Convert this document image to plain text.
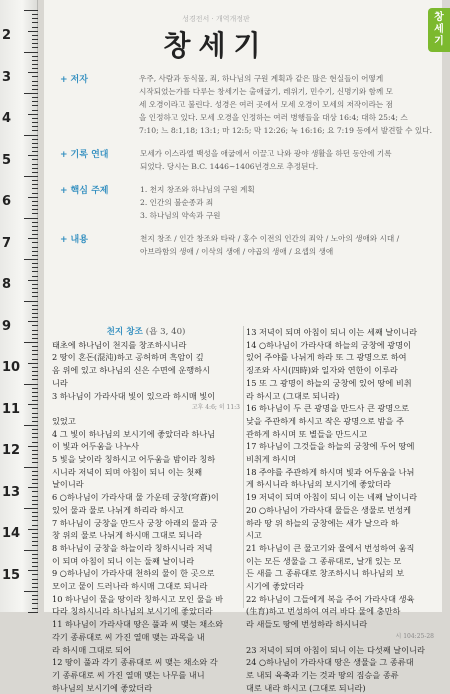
2
3
4
5
6
7
8
9
10
11
12
13
14
15
창세기
성경전서 · 개역개정판
창세기
+ 저자	우주, 사람과 동식물, 죄, 하나님의 구원 계획과 같은 많은 현실들이 어떻게
시작되었는가를 다루는 창세기는 출애굽기, 레위기, 민수기, 신명기와 함께 모
세 오경이라고 불린다. 성경은 여러 곳에서 모세 오경이 모세의 저작이라는 점
을 인정하고 있다. 모세 오경을 인정하는 여러 병행들을 대상 16:4; 대하 25:4; 스
7:10; 느 8:1,18; 13:1; 마 12:5; 막 12:26; 눅 16:16; 요 7:19 등에서 발견할 수 있다.
+ 기록 연대	모세가 이스라엘 백성을 애굽에서 이끌고 나와 광야 생활을 하던 동안에 기록
되었다. 당시는 B.C. 1446~1406년경으로 추정된다.
+ 핵심 주제	1. 천지 창조와 하나님의 구원 계획
2. 인간의 불순종과 죄
3. 하나님의 약속과 구원
+ 내용	천지 창조 / 인간 창조와 타락 / 홍수 이전의 인간의 죄악 / 노아의 생애와 시대 /
아브라함의 생애 / 이삭의 생애 / 야곱의 생애 / 요셉의 생애
천지 창조 (욥 3, 40)
태초에 하나님이 천지를 창조하시니라
2 땅이 혼돈(混沌)하고 공허하며 흑암이 깊
음 위에 있고 하나님의 신은 수면에 운행하시
니라
3 하나님이 가라사대 빛이 있으라 하시매 빛이
고후 4:6; 히 11:3
있었고
4 그 빛이 하나님의 보시기에 좋았더라 하나님
이 빛과 어두움을 나누사
5 빛을 낮이라 칭하시고 어두움을 밤이라 칭하
시니라 저녁이 되며 아침이 되니 이는 첫째
날이니라
6 ○하나님이 가라사대 물 가운데 궁창(穹蒼)이
있어 물과 물로 나뉘게 하리라 하시고
7 하나님이 궁창을 만드사 궁창 아래의 물과 궁
창 위의 물로 나뉘게 하시매 그대로 되니라
8 하나님이 궁창을 하늘이라 칭하시니라 저녁
이 되며 아침이 되니 이는 둘째 날이니라
9 ○하나님이 가라사대 천하의 물이 한 곳으로
모이고 뭍이 드러나라 하시매 그대로 되니라
10 하나님이 뭍을 땅이라 칭하시고 모인 물을 바
다라 칭하시니라 하나님의 보시기에 좋았더라
11 하나님이 가라사대 땅은 풀과 씨 맺는 채소와
각기 종류대로 씨 가진 열매 맺는 과목을 내
라 하시매 그대로 되어
12 땅이 풀과 각기 종류대로 씨 맺는 채소와 각
기 종류대로 씨 가진 열매 맺는 나무를 내니
하나님의 보시기에 좋았더라
13 저녁이 되며 아침이 되니 이는 세째 날이니라
14 ○하나님이 가라사대 하늘의 궁창에 광명이
있어 주야를 나뉘게 하라 또 그 광명으로 하여
징조와 사시(四時)와 일자와 연한이 이루라
15 또 그 광명이 하늘의 궁창에 있어 땅에 비취
라 하시고 (그대로 되니라)
16 하나님이 두 큰 광명을 만드사 큰 광명으로
낮을 주관하게 하시고 작은 광명으로 밤을 주
관하게 하시며 또 별들을 만드시고
17 하나님이 그것들을 하늘의 궁창에 두어 땅에
비취게 하시며
18 주야를 주관하게 하시며 빛과 어두움을 나뉘
게 하시니라 하나님의 보시기에 좋았더라
19 저녁이 되며 아침이 되니 이는 네째 날이니라
20 ○하나님이 가라사대 물들은 생물로 번성케
하라 땅 위 하늘의 궁창에는 새가 날으라 하
시고
21 하나님이 큰 물고기와 물에서 번성하여 움직
이는 모든 생물을 그 종류대로, 날개 있는 모
든 새를 그 종류대로 창조하시니 하나님의 보
시기에 좋았더라
22 하나님이 그들에게 복을 주어 가라사대 생육
(生育)하고 번성하여 여러 바다 물에 충만하
라 새들도 땅에 번성하라 하시니라
시 104:25-28
23 저녁이 되며 아침이 되니 이는 다섯째 날이니라
24 ○하나님이 가라사대 땅은 생물을 그 종류대
로 내되 육축과 기는 것과 땅의 짐승을 종류
대로 내라 하시고 (그대로 되니라)
